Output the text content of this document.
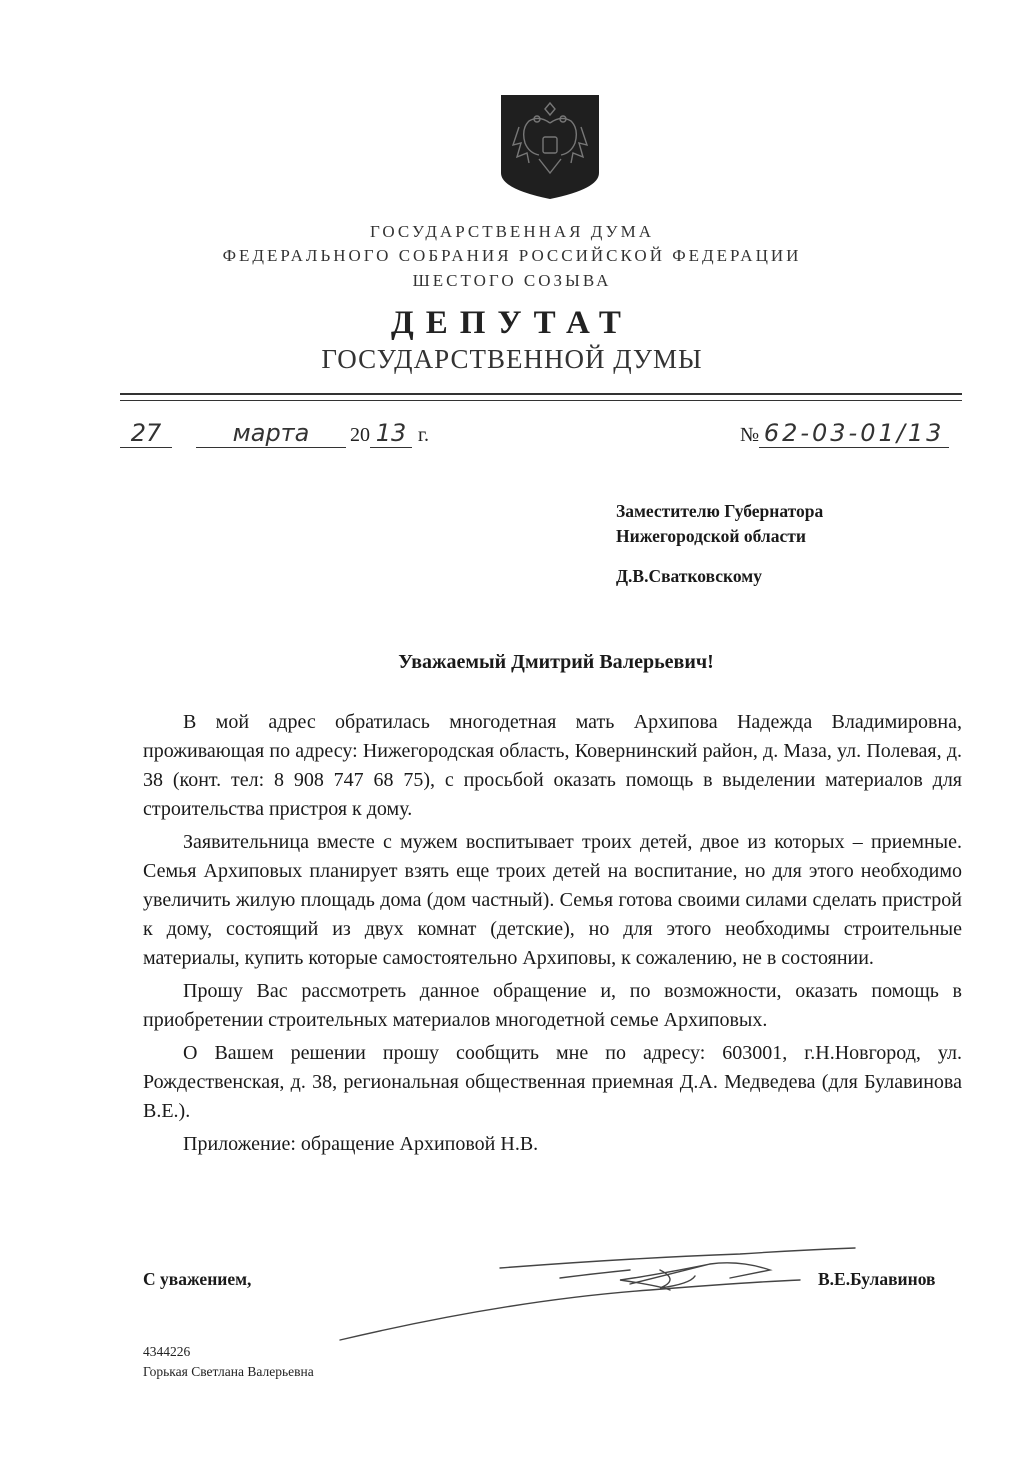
ГОСУДАРСТВЕННАЯ ДУМА
ФЕДЕРАЛЬНОГО СОБРАНИЯ РОССИЙСКОЙ ФЕДЕРАЦИИ
ШЕСТОГО СОЗЫВА
ДЕПУТАТ
ГОСУДАРСТВЕННОЙ ДУМЫ
27	марта 20 13 г.	№ 62-03-01/13
Заместителю Губернатора
Нижегородской области
Д.В.Сватковскому
Уважаемый Дмитрий Валерьевич!

В мой адрес обратилась многодетная мать Архипова Надежда Владимировна, проживающая по адресу: Нижегородская область, Ковернинский район, д. Маза, ул. Полевая, д. 38 (конт. тел: 8 908 747 68 75), с просьбой оказать помощь в выделении материалов для строительства пристроя к дому.

Заявительница вместе с мужем воспитывает троих детей, двое из которых – приемные. Семья Архиповых планирует взять еще троих детей на воспитание, но для этого необходимо увеличить жилую площадь дома (дом частный). Семья готова своими силами сделать пристрой к дому, состоящий из двух комнат (детские), но для этого необходимы строительные материалы, купить которые самостоятельно Архиповы, к сожалению, не в состоянии.

Прошу Вас рассмотреть данное обращение и, по возможности, оказать помощь в приобретении строительных материалов многодетной семье Архиповых.

О Вашем решении прошу сообщить мне по адресу: 603001, г.Н.Новгород, ул. Рождественская, д. 38, региональная общественная приемная Д.А. Медведева (для Булавинова В.Е.).

Приложение: обращение Архиповой Н.В.

С уважением,	В.Е.Булавинов
4344226
Горькая Светлана Валерьевна
